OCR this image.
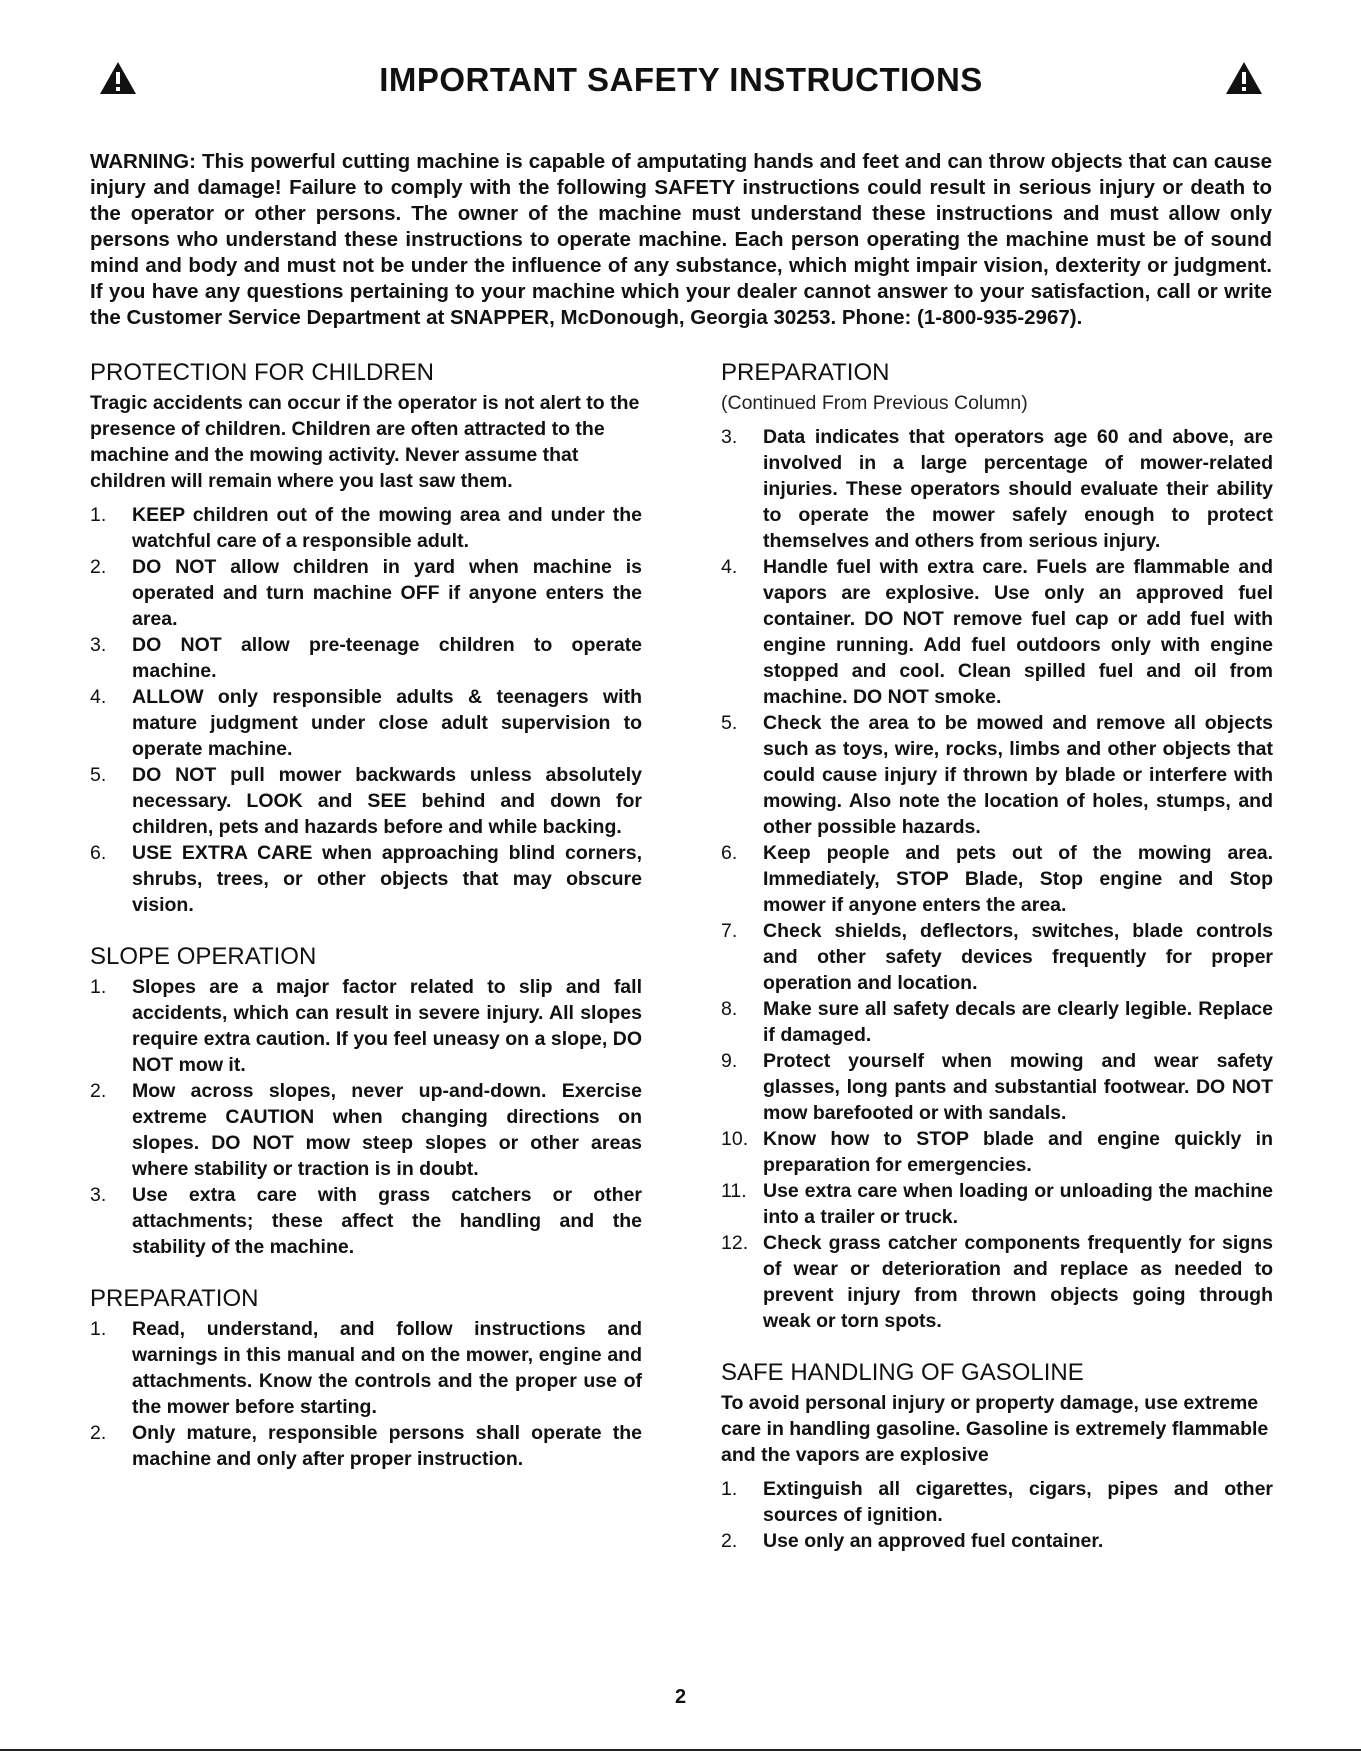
IMPORTANT SAFETY INSTRUCTIONS

WARNING: This powerful cutting machine is capable of amputating hands and feet and can throw objects that can cause injury and damage! Failure to comply with the following SAFETY instructions could result in serious injury or death to the operator or other persons. The owner of the machine must understand these instructions and must allow only persons who understand these instructions to operate machine. Each person operating the machine must be of sound mind and body and must not be under the influence of any substance, which might impair vision, dexterity or judgment. If you have any questions pertaining to your machine which your dealer cannot answer to your satisfaction, call or write the Customer Service Department at SNAPPER, McDonough, Georgia 30253. Phone: (1-800-935-2967).

PROTECTION FOR CHILDREN

Tragic accidents can occur if the operator is not alert to the presence of children. Children are often attracted to the machine and the mowing activity. Never assume that children will remain where you last saw them.

1. KEEP children out of the mowing area and under the watchful care of a responsible adult.
2. DO NOT allow children in yard when machine is operated and turn machine OFF if anyone enters the area.
3. DO NOT allow pre-teenage children to operate machine.
4. ALLOW only responsible adults & teenagers with mature judgment under close adult supervision to operate machine.
5. DO NOT pull mower backwards unless absolutely necessary. LOOK and SEE behind and down for children, pets and hazards before and while backing.
6. USE EXTRA CARE when approaching blind corners, shrubs, trees, or other objects that may obscure vision.
SLOPE OPERATION
1. Slopes are a major factor related to slip and fall accidents, which can result in severe injury. All slopes require extra caution. If you feel uneasy on a slope, DO NOT mow it.
2. Mow across slopes, never up-and-down. Exercise extreme CAUTION when changing directions on slopes. DO NOT mow steep slopes or other areas where stability or traction is in doubt.
3. Use extra care with grass catchers or other attachments; these affect the handling and the stability of the machine.
PREPARATION
1. Read, understand, and follow instructions and warnings in this manual and on the mower, engine and attachments. Know the controls and the proper use of the mower before starting.
2. Only mature, responsible persons shall operate the machine and only after proper instruction.
PREPARATION

(Continued From Previous Column)

3. Data indicates that operators age 60 and above, are involved in a large percentage of mower-related injuries. These operators should evaluate their ability to operate the mower safely enough to protect themselves and others from serious injury.
4. Handle fuel with extra care. Fuels are flammable and vapors are explosive. Use only an approved fuel container. DO NOT remove fuel cap or add fuel with engine running. Add fuel outdoors only with engine stopped and cool. Clean spilled fuel and oil from machine. DO NOT smoke.
5. Check the area to be mowed and remove all objects such as toys, wire, rocks, limbs and other objects that could cause injury if thrown by blade or interfere with mowing. Also note the location of holes, stumps, and other possible hazards.
6. Keep people and pets out of the mowing area. Immediately, STOP Blade, Stop engine and Stop mower if anyone enters the area.
7. Check shields, deflectors, switches, blade controls and other safety devices frequently for proper operation and location.
8. Make sure all safety decals are clearly legible. Replace if damaged.
9. Protect yourself when mowing and wear safety glasses, long pants and substantial footwear. DO NOT mow barefooted or with sandals.
10. Know how to STOP blade and engine quickly in preparation for emergencies.
11. Use extra care when loading or unloading the machine into a trailer or truck.
12. Check grass catcher components frequently for signs of wear or deterioration and replace as needed to prevent injury from thrown objects going through weak or torn spots.
SAFE HANDLING OF GASOLINE

To avoid personal injury or property damage, use extreme care in handling gasoline. Gasoline is extremely flammable and the vapors are explosive

1. Extinguish all cigarettes, cigars, pipes and other sources of ignition.
2. Use only an approved fuel container.
2
